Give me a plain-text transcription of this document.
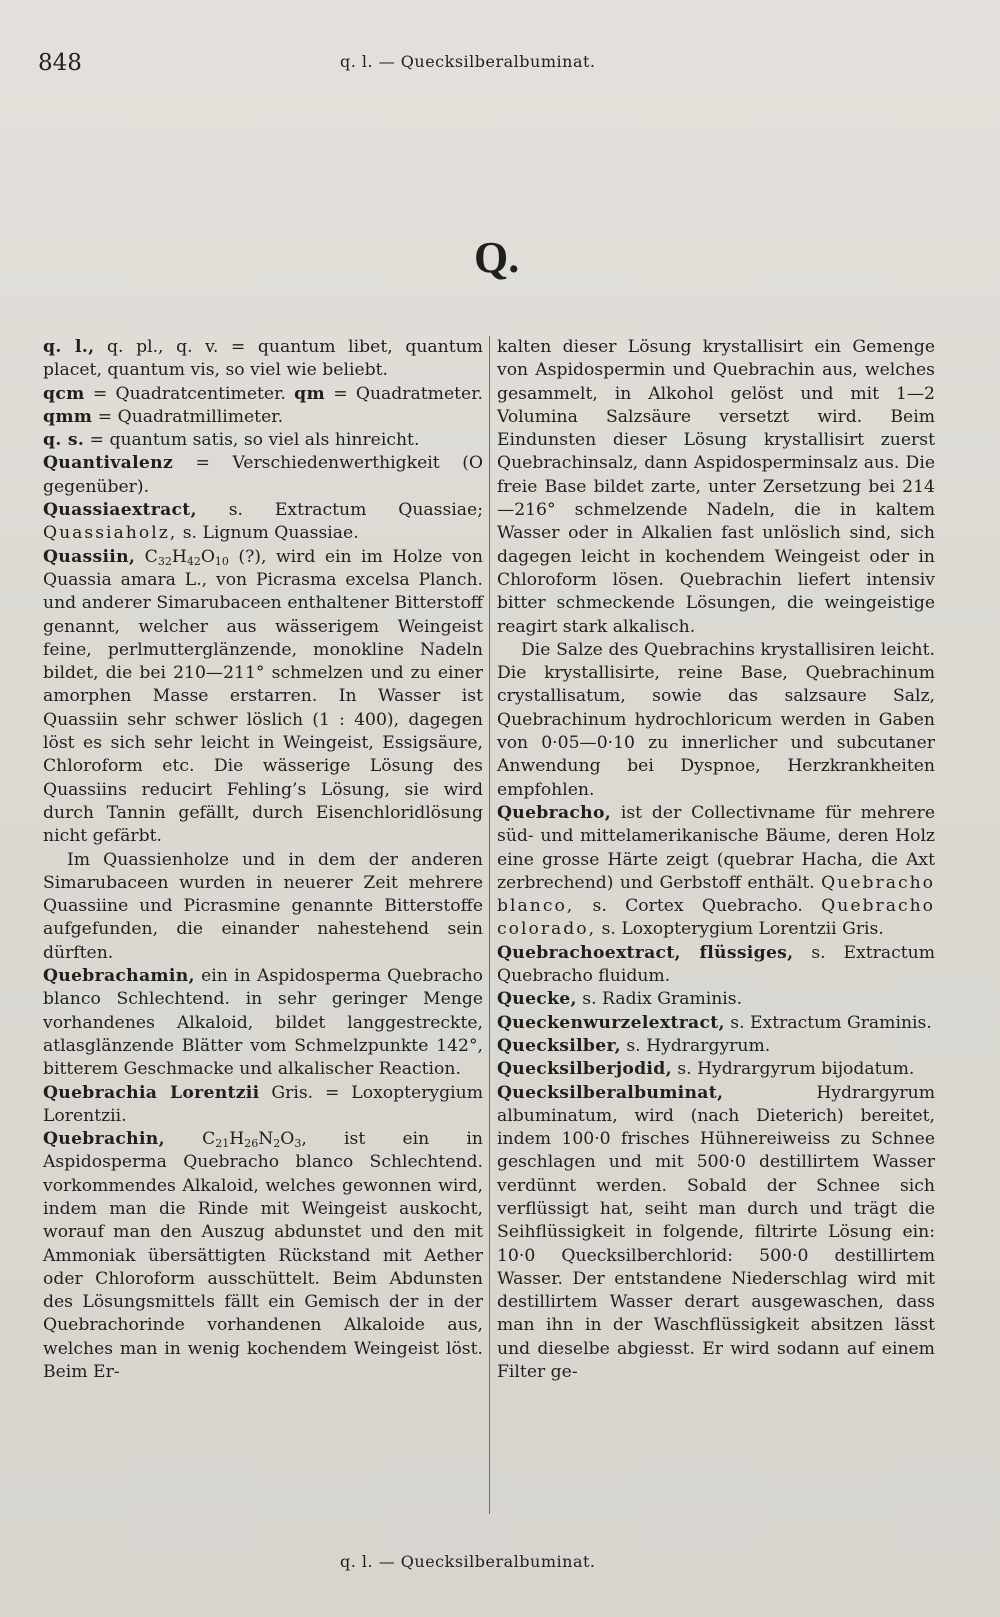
848	q. l. — Quecksilberalbuminat.
Q.

q. l., q. pl., q. v. = quantum libet, quantum placet, quantum vis, so viel wie beliebt.

qcm = Quadratcentimeter. qm = Quadratmeter. qmm = Quadratmillimeter.

q. s. = quantum satis, so viel als hinreicht.

Quantivalenz = Verschiedenwerthigkeit (O gegenüber).

Quassiaextract, s. Extractum Quassiae; Quassiaholz, s. Lignum Quassiae.

Quassiin, $C_{32}H_{42}O_{10}$ (?), wird ein im Holze von Quassia amara L., von Picrasma excelsa Planch. und anderer Simarubaceen enthaltener Bitterstoff genannt, welcher aus wässerigem Weingeist feine, perlmutterglänzende, monokline Nadeln bildet, die bei 210—211° schmelzen und zu einer amorphen Masse erstarren. In Wasser ist Quassiin sehr schwer löslich (1 : 400), dagegen löst es sich sehr leicht in Weingeist, Essigsäure, Chloroform etc. Die wässerige Lösung des Quassiins reducirt Fehling’s Lösung, sie wird durch Tannin gefällt, durch Eisenchloridlösung nicht gefärbt.

Im Quassienholze und in dem der anderen Simarubaceen wurden in neuerer Zeit mehrere Quassiine und Picrasmine genannte Bitterstoffe aufgefunden, die einander nahestehend sein dürften.

Quebrachamin, ein in Aspidosperma Quebracho blanco Schlechtend. in sehr geringer Menge vorhandenes Alkaloid, bildet langgestreckte, atlasglänzende Blätter vom Schmelzpunkte 142°, bitterem Geschmacke und alkalischer Reaction.

Quebrachia Lorentzii Gris. = Loxopterygium Lorentzii.

Quebrachin, $C_{21}H_{26}N_2O_3$, ist ein in Aspidosperma Quebracho blanco Schlechtend. vorkommendes Alkaloid, welches gewonnen wird, indem man die Rinde mit Weingeist auskocht, worauf man den Auszug abdunstet und den mit Ammoniak übersättigten Rückstand mit Aether oder Chloroform ausschüttelt. Beim Abdunsten des Lösungsmittels fällt ein Gemisch der in der Quebrachorinde vorhandenen Alkaloide aus, welches man in wenig kochendem Weingeist löst. Beim Er-

kalten dieser Lösung krystallisirt ein Gemenge von Aspidospermin und Quebrachin aus, welches gesammelt, in Alkohol gelöst und mit 1—2 Volumina Salzsäure versetzt wird. Beim Eindunsten dieser Lösung krystallisirt zuerst Quebrachinsalz, dann Aspidosperminsalz aus. Die freie Base bildet zarte, unter Zersetzung bei 214—216° schmelzende Nadeln, die in kaltem Wasser oder in Alkalien fast unlöslich sind, sich dagegen leicht in kochendem Weingeist oder in Chloroform lösen. Quebrachin liefert intensiv bitter schmeckende Lösungen, die weingeistige reagirt stark alkalisch.

Die Salze des Quebrachins krystallisiren leicht. Die krystallisirte, reine Base, Quebrachinum crystallisatum, sowie das salzsaure Salz, Quebrachinum hydrochloricum werden in Gaben von 0·05—0·10 zu innerlicher und subcutaner Anwendung bei Dyspnoe, Herzkrankheiten empfohlen.

Quebracho, ist der Collectivname für mehrere süd- und mittelamerikanische Bäume, deren Holz eine grosse Härte zeigt (quebrar Hacha, die Axt zerbrechend) und Gerbstoff enthält. Quebracho blanco, s. Cortex Quebracho. Quebracho colorado, s. Loxopterygium Lorentzii Gris.

Quebrachoextract, flüssiges, s. Extractum Quebracho fluidum.

Quecke, s. Radix Graminis.

Queckenwurzelextract, s. Extractum Graminis.

Quecksilber, s. Hydrargyrum.

Quecksilberjodid, s. Hydrargyrum bijodatum.

Quecksilberalbuminat, Hydrargyrum albuminatum, wird (nach Dieterich) bereitet, indem 100·0 frisches Hühnereiweiss zu Schnee geschlagen und mit 500·0 destillirtem Wasser verdünnt werden. Sobald der Schnee sich verflüssigt hat, seiht man durch und trägt die Seihflüssigkeit in folgende, filtrirte Lösung ein: 10·0 Quecksilberchlorid: 500·0 destillirtem Wasser. Der entstandene Niederschlag wird mit destillirtem Wasser derart ausgewaschen, dass man ihn in der Waschflüssigkeit absitzen lässt und dieselbe abgiesst. Er wird sodann auf einem Filter ge-

q. l. — Quecksilberalbuminat.
